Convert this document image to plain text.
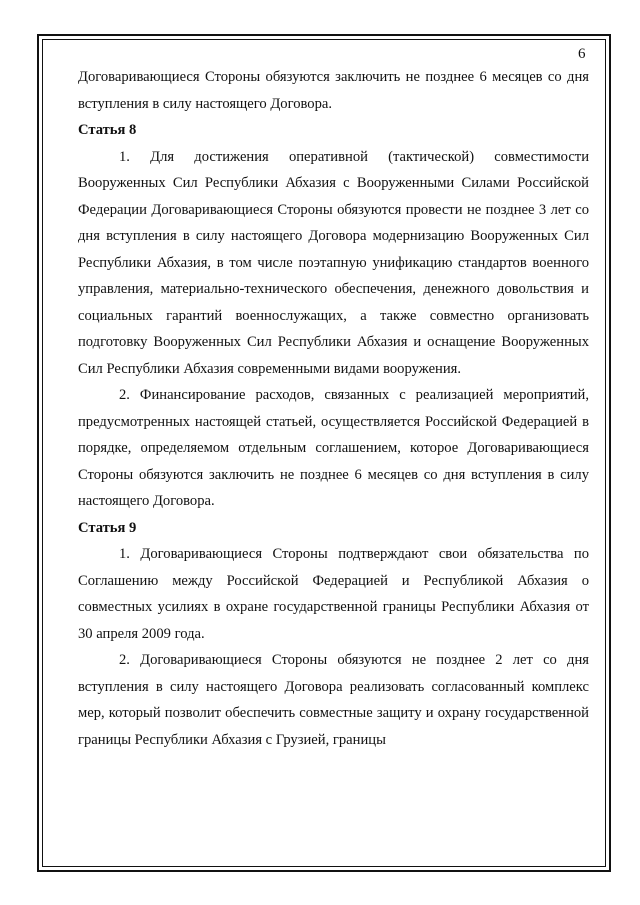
6

Договаривающиеся Стороны обязуются заключить не позднее 6 месяцев со дня вступления в силу настоящего Договора.

Статья 8

1. Для достижения оперативной (тактической) совместимости Вооруженных Сил Республики Абхазия с Вооруженными Силами Российской Федерации Договаривающиеся Стороны обязуются провести не позднее 3 лет со дня вступления в силу настоящего Договора модернизацию Вооруженных Сил Республики Абхазия, в том числе поэтапную унификацию стандартов военного управления, материально-технического обеспечения, денежного довольствия и социальных гарантий военнослужащих, а также совместно организовать подготовку Вооруженных Сил Республики Абхазия и оснащение Вооруженных Сил Республики Абхазия современными видами вооружения.

2. Финансирование расходов, связанных с реализацией мероприятий, предусмотренных настоящей статьей, осуществляется Российской Федерацией в порядке, определяемом отдельным соглашением, которое Договаривающиеся Стороны обязуются заключить не позднее 6 месяцев со дня вступления в силу настоящего Договора.

Статья 9

1. Договаривающиеся Стороны подтверждают свои обязательства по Соглашению между Российской Федерацией и Республикой Абхазия о совместных усилиях в охране государственной границы Республики Абхазия от 30 апреля 2009 года.

2. Договаривающиеся Стороны обязуются не позднее 2 лет со дня вступления в силу настоящего Договора реализовать согласованный комплекс мер, который позволит обеспечить совместные защиту и охрану государственной границы Республики Абхазия с Грузией, границы
